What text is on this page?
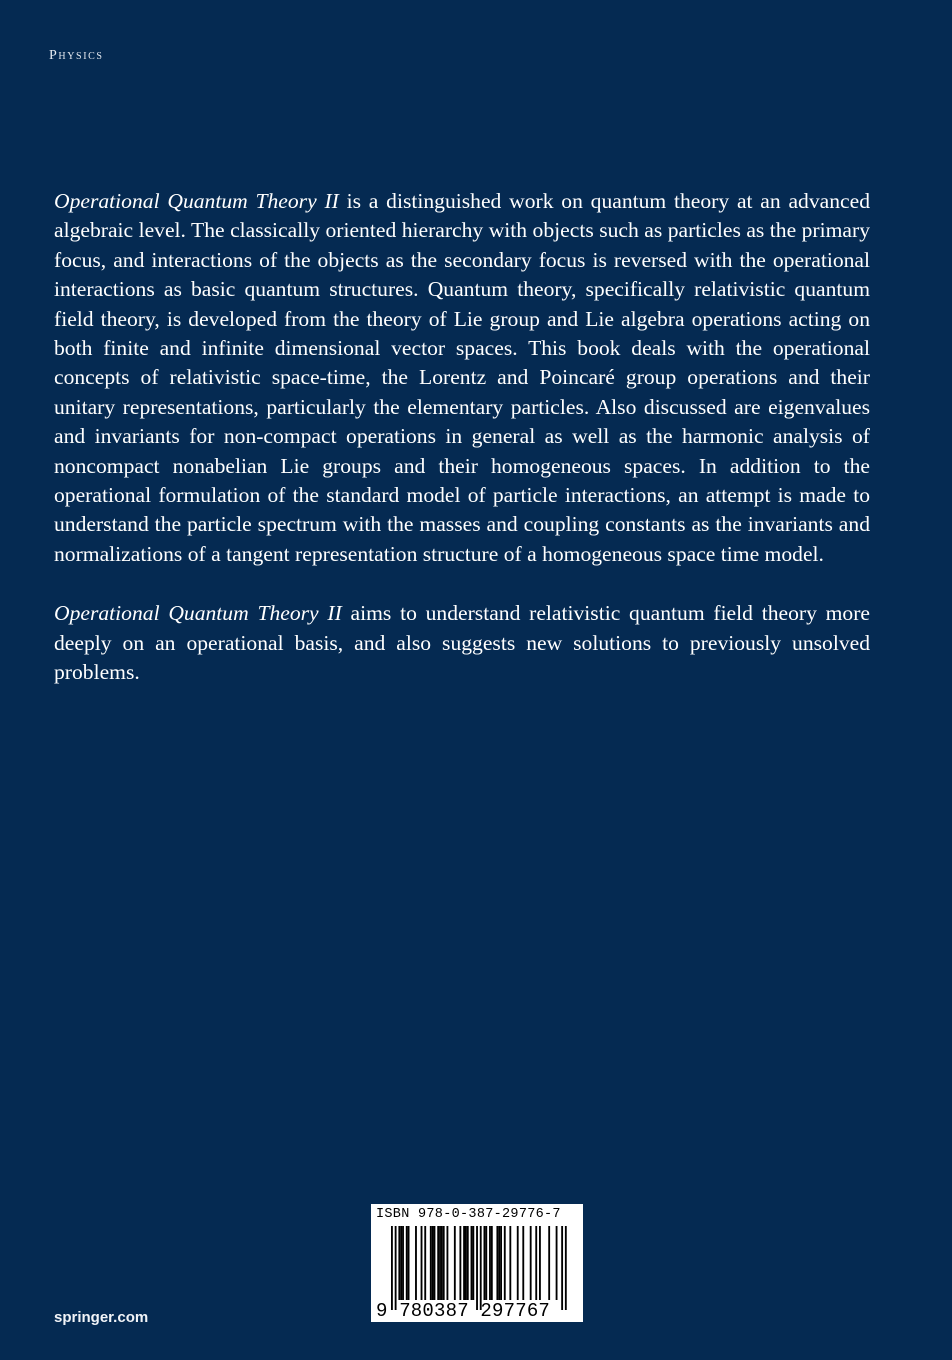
Physics

Operational Quantum Theory II is a distinguished work on quantum theory at an advanced algebraic level. The classically oriented hierarchy with objects such as particles as the primary focus, and interactions of the objects as the secondary focus is reversed with the operational interactions as basic quantum structures. Quantum theory, specifically relativistic quantum field theory, is developed from the theory of Lie group and Lie algebra operations acting on both finite and infinite dimensional vector spaces. This book deals with the operational concepts of relativistic space-time, the Lorentz and Poincaré group operations and their unitary representations, particularly the elementary particles. Also discussed are eigenvalues and invariants for non-compact operations in general as well as the harmonic analysis of noncompact nonabelian Lie groups and their homogeneous spaces. In addition to the operational formulation of the standard model of particle interactions, an attempt is made to understand the particle spectrum with the masses and coupling constants as the invariants and normalizations of a tangent representation structure of a homogeneous space time model.

Operational Quantum Theory II aims to understand relativistic quantum field theory more deeply on an operational basis, and also suggests new solutions to previously unsolved problems.

ISBN 978-0-387-29776-7
9 780387 297767
springer.com
